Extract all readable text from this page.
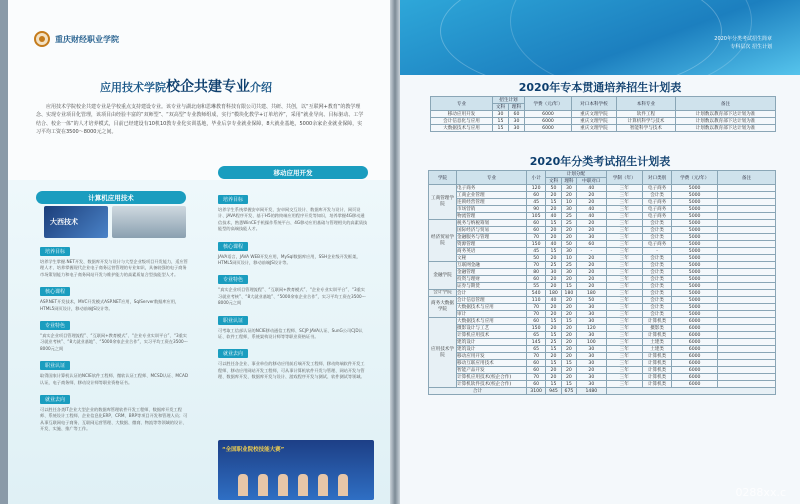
重庆财经职业学院
应用技术学院校企共建专业介绍

应用技术学院校企共建专业是学校重点支持建设专业。该专业与湖北南和思琳教育科技有限公司共建、共研、共创，以“互联网+教育”的教学理念、实现专业项目化管理，该项目由经验丰富的“双师型”、“双高型”专业教师组成，实行“模块化教学+订单培养”，采用“就业导向、目标驱动、工学结合、校企一体”的人才培养模式，目前已经建设有10机10教专业化实训基地，毕业后享专业就业保障，8大就业基地，5000余家企业就业保障，实习平均工资在3500～8000元之间。

计算机应用技术
移动应用开发
大西技术
培养目标

培养学生掌握.NET开发、数据库开发与设计与大型企业级项目开发能力，适应管理人才、培养掌握现代企业电子商务运营管理的专业知识，具备较强的电子商务市场策划能力和电子商务网站开发与维护能力的高素质复合型技能型人才。

核心课程

ASP.NET开发技术，MVC开发模式ASP.NET应用，SqlServer数据库应用，HTML5网页设计，移动前端JS设计等。

专业特色

“真实企业项目管理流程”、“互联网+教育模式”、“企业专业实训平台”、“3重实习就业考核”、“8大就业基地”、“5000余家企业合作”，实习平均工资在3500～8000元之间

职业认证

取得国家计算机认证的NCIE软件工程师、微软认证工程师、MCSD认证、MCAD认证，电子商务师、移动设计师等职业资格证书。

就业去向

可以胜任各类IT企业大型企业的数据库管理软件开发工程师、数据库开发工程师、系统设计工程师、企业信息化ERP、CRM、BRP等项目开发和管理人员；可从事互联网电子商务、互联网运营管理、大数据、微商、物流等等领域的设计、开发、实施、推广等工作。

培养目标

培养学生系统掌握安卓网开发、安卓网交互设计、数据库开发与设计、网页设计、JAVA程序开发、基于H5的跨终端应用程序开发等知识，培养掌握4G移动通信技术，熟悉WinCE手机操作系统平台、4G移动应用基础与管理相关的高素质技能型的高端技能人才。

核心课程

JAVA语言，JAVA WEB开发应用，MySql数据库应用，SSH企业级开发框架，HTML5网页设计，移动前端JS设计等。

专业特色

“真实企业项目管理流程”、“互联网+教育模式”、“企业专业实训平台”、“3重实习就业考核”、“8大就业基地”、“5000余家企业合作”，实习平均工资在3500～8000元之间

职业认证

可考取工信部认证的NCIE移动通信工程师、SCJP JAVA认证、SunG公司CJD认证、软件工程师，系统架构设计师等等职业资格证书。

就业去向

可以胜任各企业、事业单位的移动应用前后端开发工程师、移动终端软件开发工程师、移动应用网站开发工程师，可从事计算机软件开发与管理、网站开发与管理、数据库开发、数据库开发与设计、游戏程序开发与测试、软件测试等领域。

“全国职业院校技能大赛”
2020年分类考试招生简章
专科层次 招生计划
2020年专本贯通培养招生计划表
专业	招生计划		学费（元/年）	对口本科学校	本科专业	备注
	文科	理科				
移动应用开发	30	60	6000	重庆文理学院	软件工程	计划数以教育部下达计划为准
会计信息化与应用	15	30	6000	重庆文理学院	计算机科学与技术	计划数以教育部下达计划为准
大数据技术与应用	15	30	6000	重庆文理学院	智能科学与技术	计划数以教育部下达计划为准
2020年分类考试招生计划表
学院	专业	小计	计划分配			学制（年）	对口类别	学费（元/年）	备注
			文科	理科	中职对口				
工商管理学院	电子商务	120	50	30	40	三年	电子商务	5000	
	工商企业管理	60	20	20	20	三年	会计类	5000	
	连锁经营管理	45	15	10	20	三年	电子商务	5000	
	市场营销	90	20	30	40	三年	电子商务	5000	
	物流管理	105	40	25	40	三年	电子商务	5000	
经济贸易学院	税务与纳税筹划	60	15	25	20	三年	会计类	5000	
	国际经济与贸易	60	20	20	20	三年	会计类	5000	
	金融服务与管理	70	20	20	30	三年	会计类	5000	
	资源管理	150	40	50	60	三年	电子商务	5000	
	商务英语	45	15	30	-	三年	-	5000	
	文秘	50	20	10	20	三年	会计类	5000	
金融学院	互联网金融	70	25	25	20	三年	会计类	5000	
	金融管理	80	30	30	20	三年	会计类	5000	
	投资与理财	60	20	20	20	三年	会计类	5000	
	证券与期货	55	20	15	20	三年	会计类	5000	
会计学院	会计	540	180	180	180	三年	会计类	5000	
商务大数据学院	会计信息管理	110	40	20	50	三年	会计类	5000	
	大数据技术与应用	70	20	20	30	三年	会计类	5000	
	审计	70	20	20	30	三年	会计类	5000	
应用技术学院	大数据技术与应用	60	15	15	30	三年	计算机类	6000	
	摄影设计与工艺	150	20	20	120	三年	摄影类	6000	
	计算机应用技术	65	15	20	30	三年	计算机类	6000	
	建筑设计	145	25	20	100	三年	土建类	6000	
	建筑设计	65	15	20	30	三年	土建类	6000	
	移动应用开发	70	20	20	30	三年	计算机类	6000	
	移动互联应用技术	60	15	15	30	三年	计算机类	6000	
	智能产品开发	60	20	20	20	三年	计算机类	6000	
	计算机应用技术(校企合作)	70	20	20	30	三年	计算机类	6000	
	计算机软件技术(校企合作)	60	15	15	30	三年	计算机类	6000	
合计		3100	945	675	1480				
0288xx.c
